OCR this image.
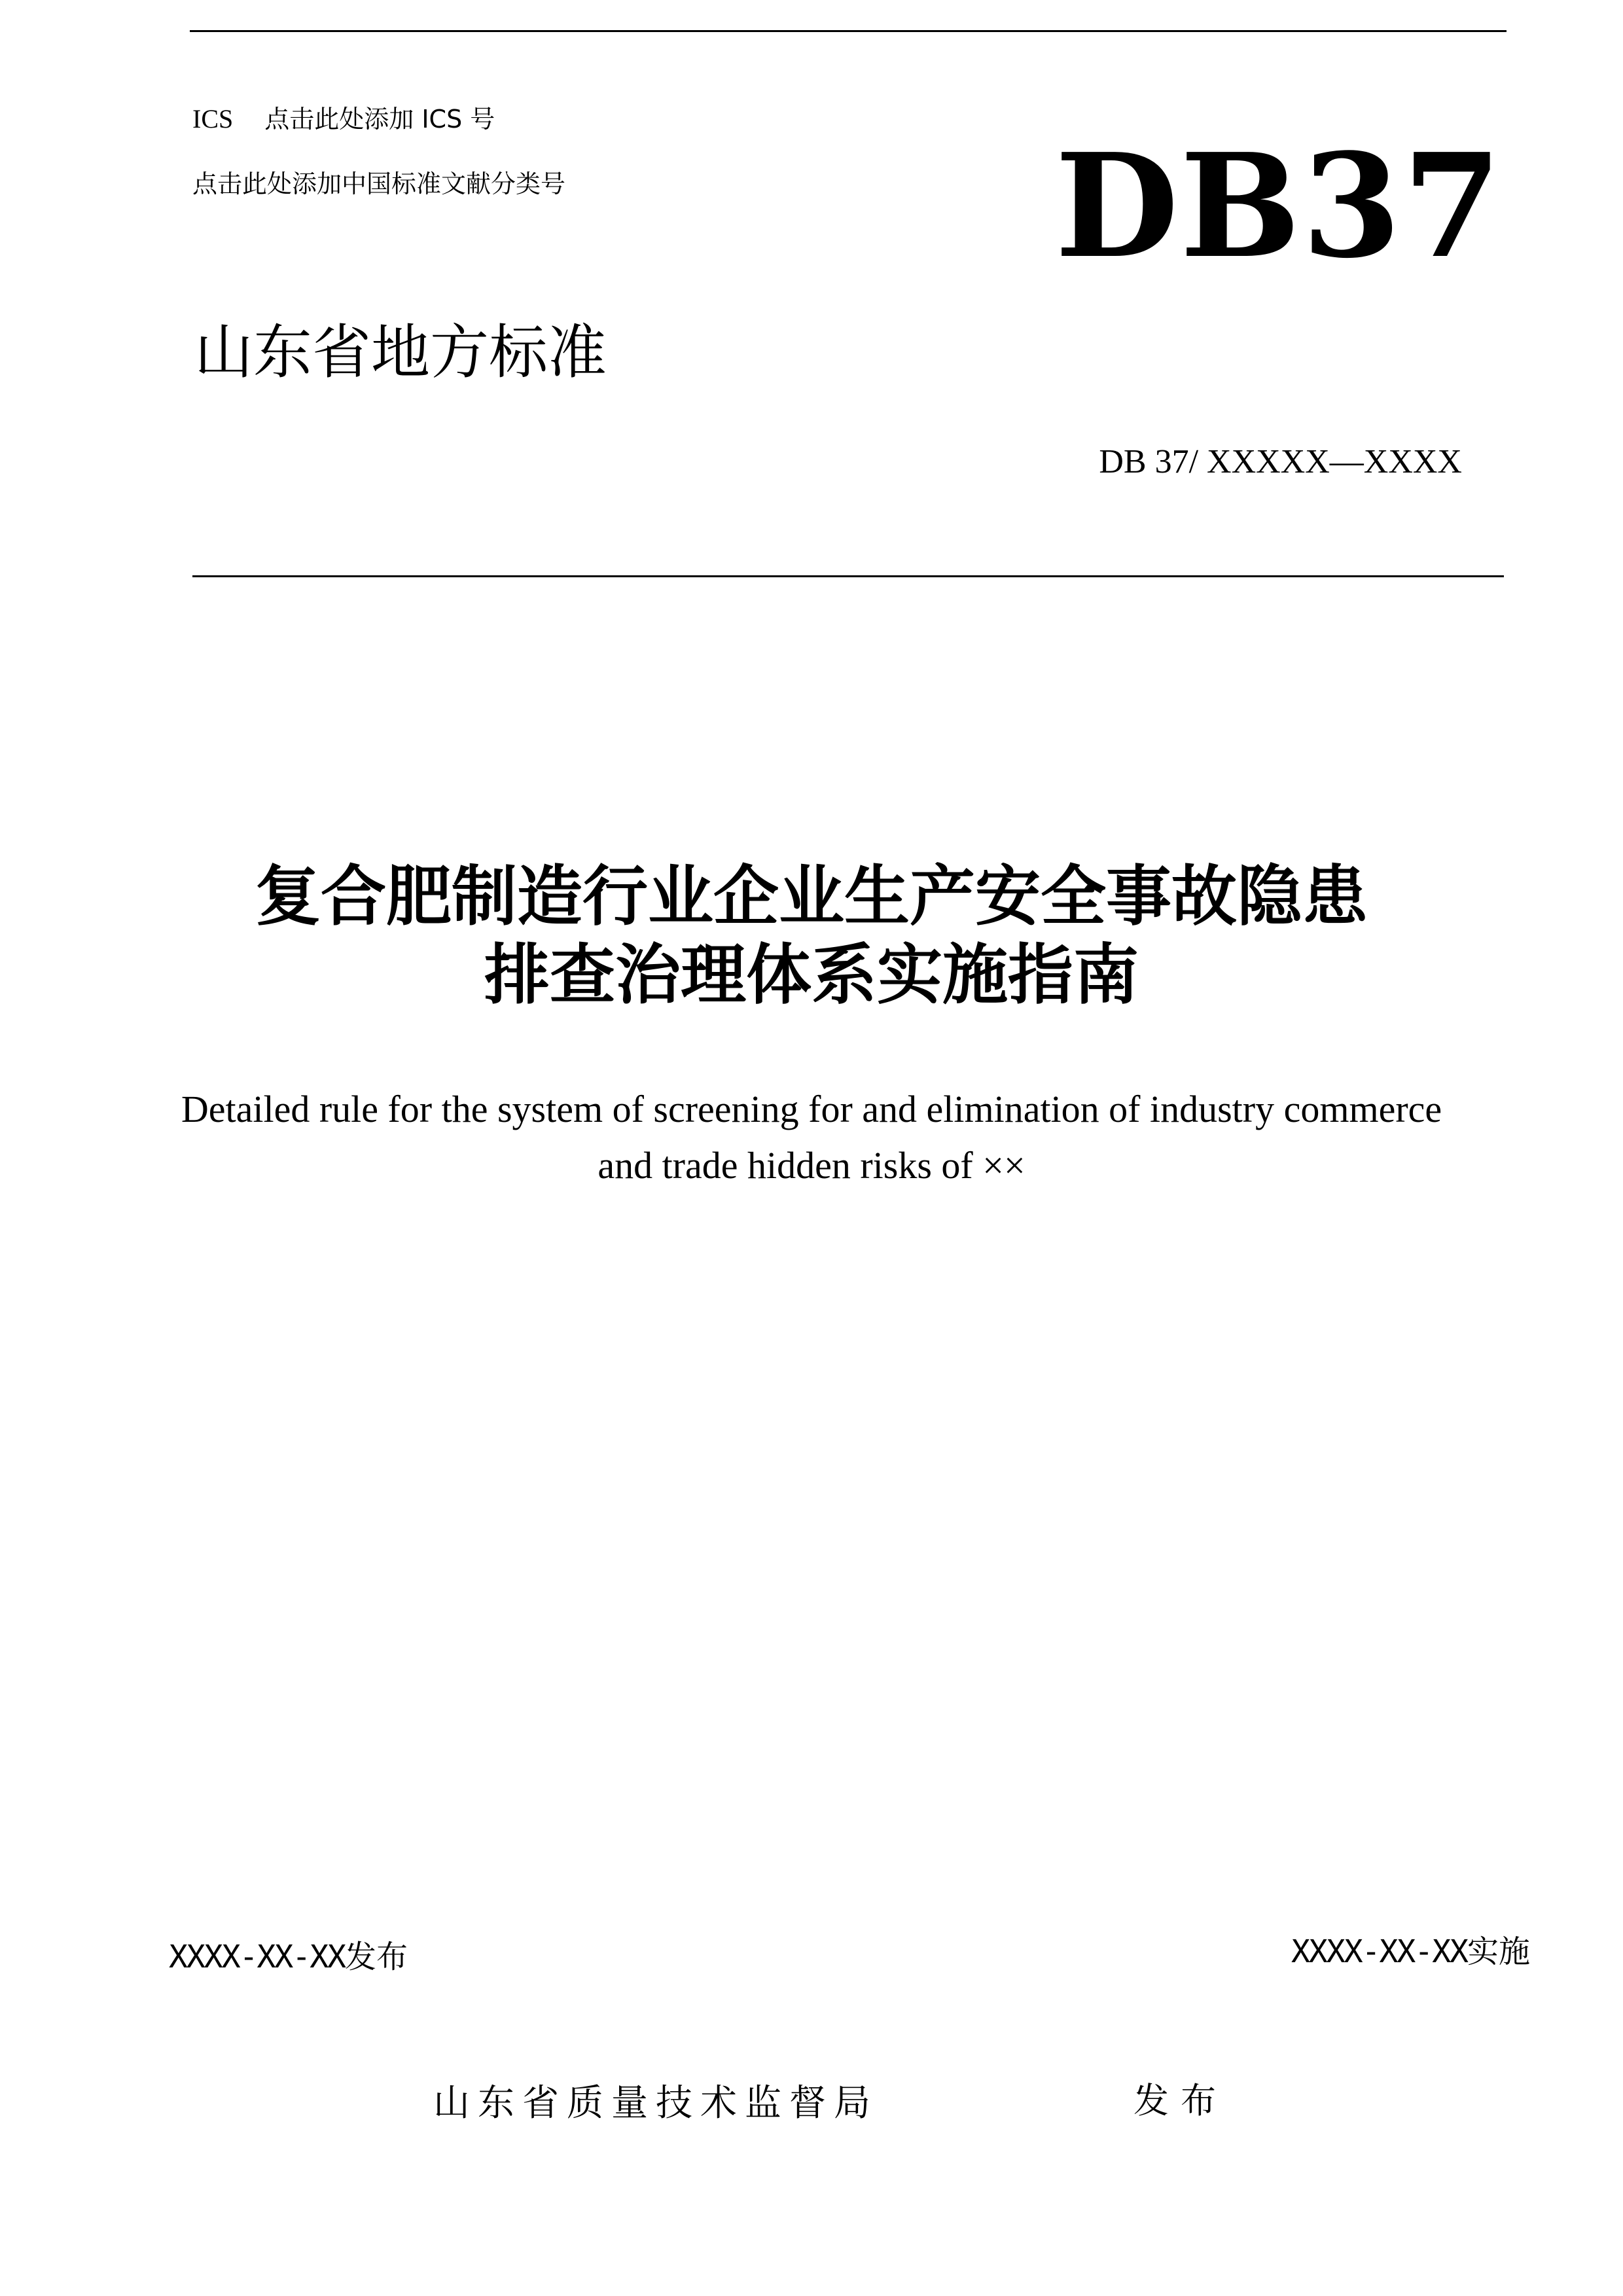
ICS 点击此处添加 ICS 号
点击此处添加中国标准文献分类号	DB37
山东省地方标准
DB 37/ XXXXX—XXXX
复合肥制造行业企业生产安全事故隐患
排查治理体系实施指南
Detailed rule for the system of screening for and elimination of industry commerce
and trade hidden risks of ××
XXXX-XX-XX发布	XXXX-XX-XX实施
山东省质量技术监督局	发布
